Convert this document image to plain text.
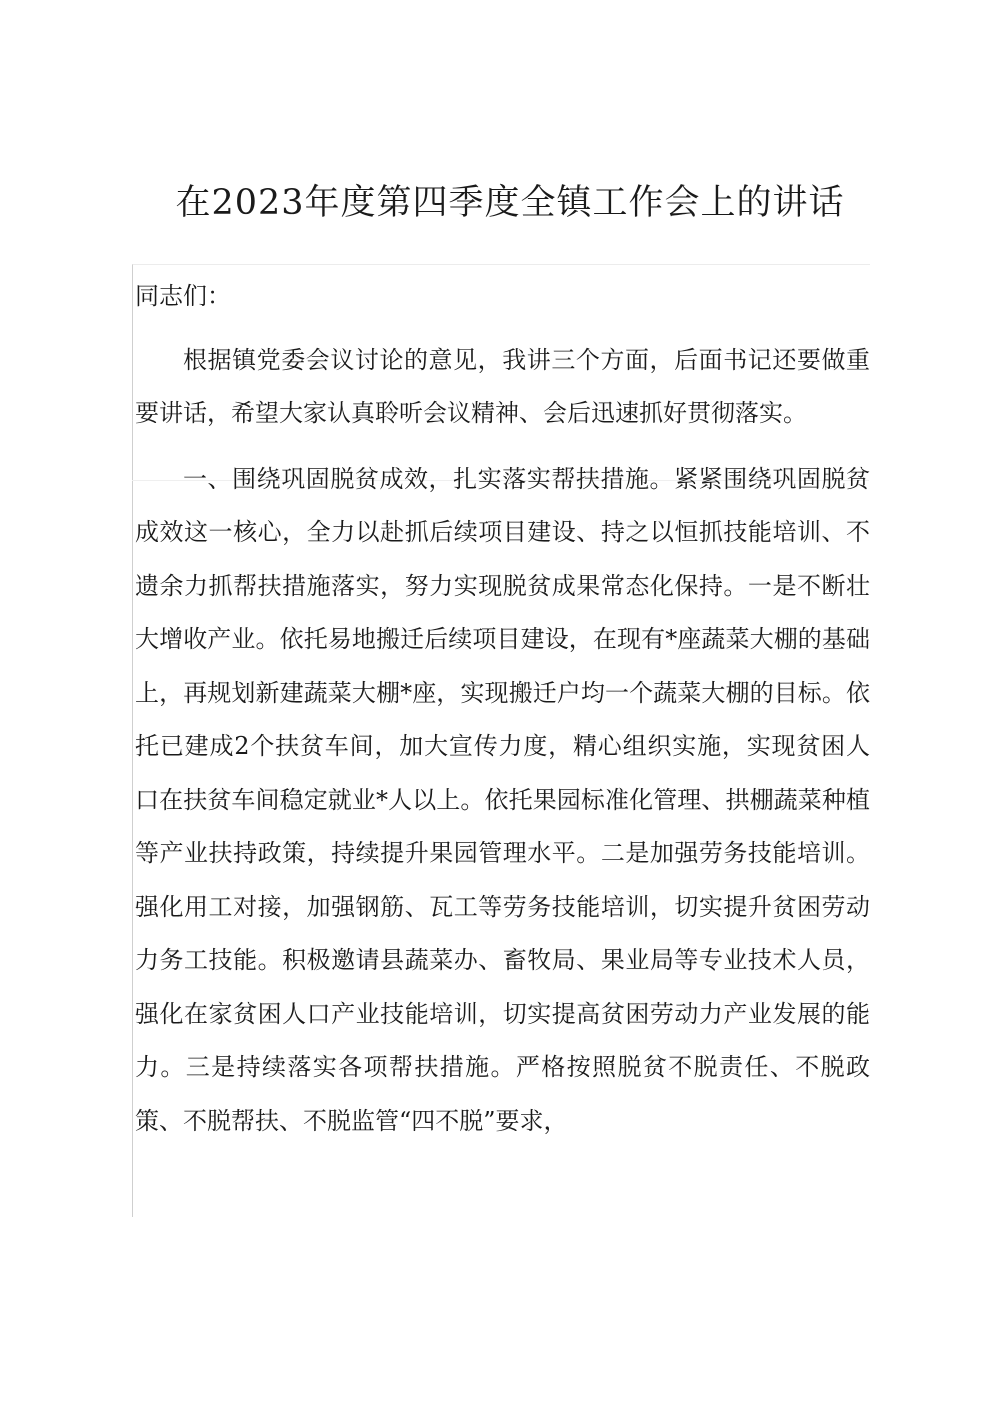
在2023年度第四季度全镇工作会上的讲话

同志们：

根据镇党委会议讨论的意见，我讲三个方面，后面书记还要做重要讲话，希望大家认真聆听会议精神、会后迅速抓好贯彻落实。

一、围绕巩固脱贫成效，扎实落实帮扶措施。紧紧围绕巩固脱贫成效这一核心，全力以赴抓后续项目建设、持之以恒抓技能培训、不遗余力抓帮扶措施落实，努力实现脱贫成果常态化保持。一是不断壮大增收产业。依托易地搬迁后续项目建设，在现有*座蔬菜大棚的基础上，再规划新建蔬菜大棚*座，实现搬迁户均一个蔬菜大棚的目标。依托已建成2个扶贫车间，加大宣传力度，精心组织实施，实现贫困人口在扶贫车间稳定就业*人以上。依托果园标准化管理、拱棚蔬菜种植等产业扶持政策，持续提升果园管理水平。二是加强劳务技能培训。强化用工对接，加强钢筋、瓦工等劳务技能培训，切实提升贫困劳动力务工技能。积极邀请县蔬菜办、畜牧局、果业局等专业技术人员，强化在家贫困人口产业技能培训，切实提高贫困劳动力产业发展的能力。三是持续落实各项帮扶措施。严格按照脱贫不脱责任、不脱政策、不脱帮扶、不脱监管“四不脱”要求，
